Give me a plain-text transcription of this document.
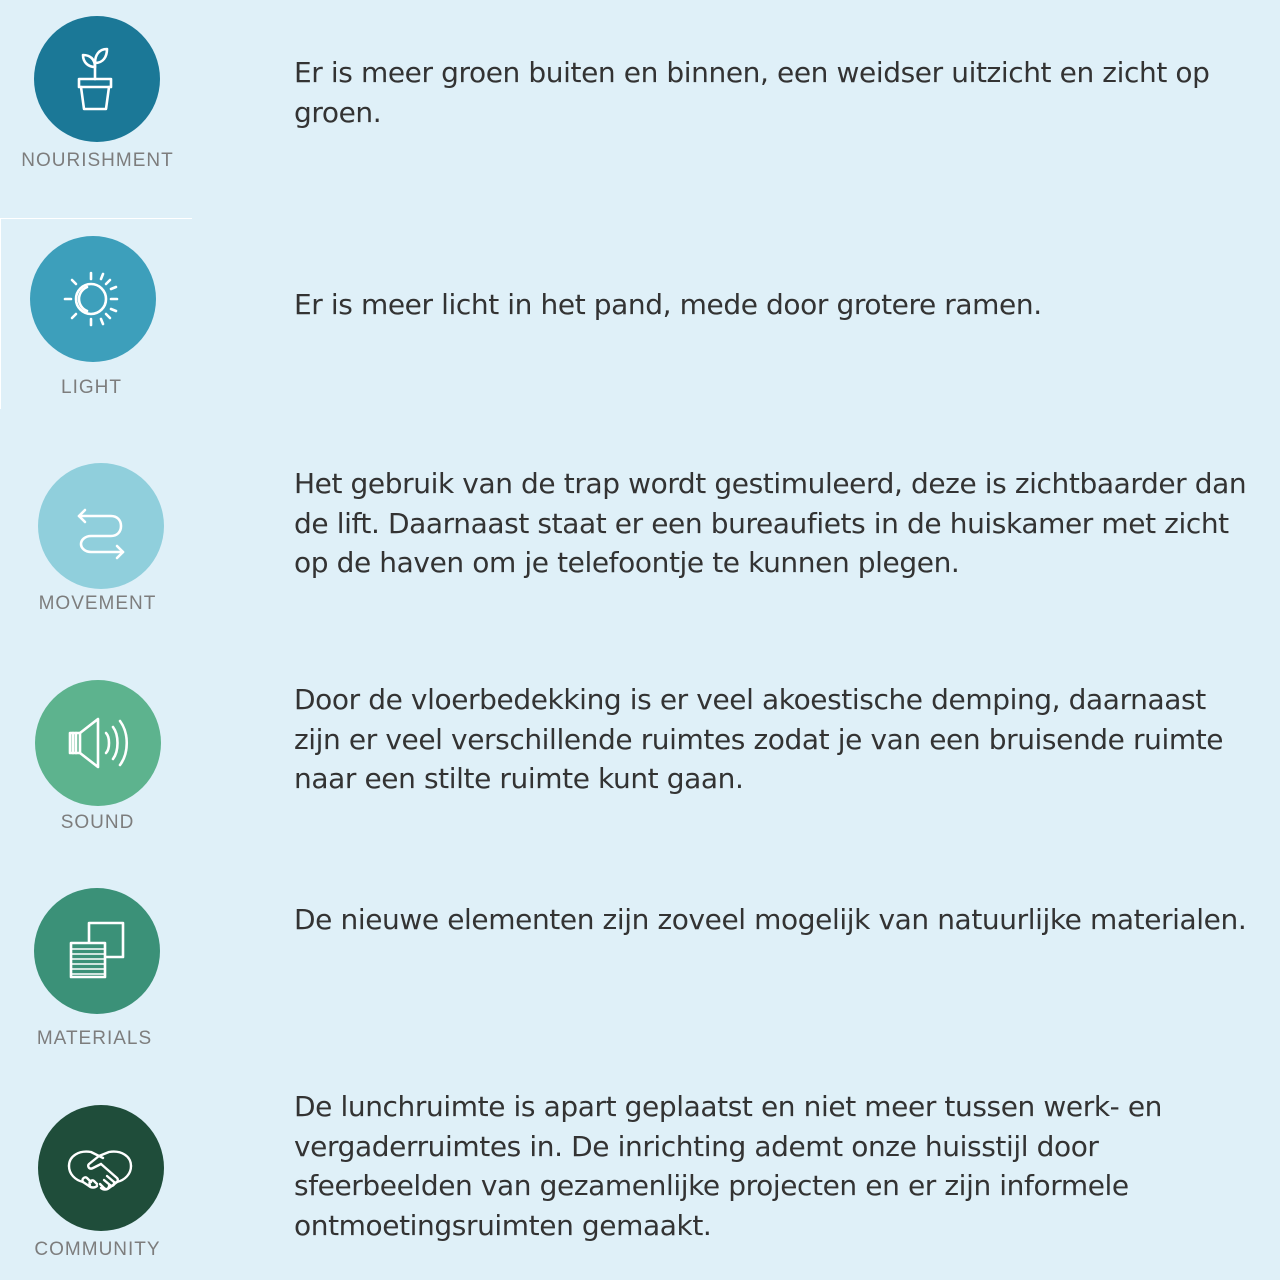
NOURISHMENT

Er is meer groen buiten en binnen, een weidser uitzicht en zicht op groen.

LIGHT

Er is meer licht in het pand, mede door grotere ramen.

MOVEMENT

Het gebruik van de trap wordt gestimuleerd, deze is zichtbaarder dan de lift. Daarnaast staat er een bureaufiets in de huiskamer met zicht op de haven om je telefoontje te kunnen plegen.

SOUND

Door de vloerbedekking is er veel akoestische demping, daarnaast zijn er veel verschillende ruimtes zodat je van een bruisende ruimte naar een stilte ruimte kunt gaan.

MATERIALS

De nieuwe elementen zijn zoveel mogelijk van natuurlijke materialen.

COMMUNITY

De lunchruimte is apart geplaatst en niet meer tussen werk- en vergaderruimtes in. De inrichting ademt onze huisstijl door sfeerbeelden van gezamenlijke projecten en er zijn informele ontmoetingsruimten gemaakt.
